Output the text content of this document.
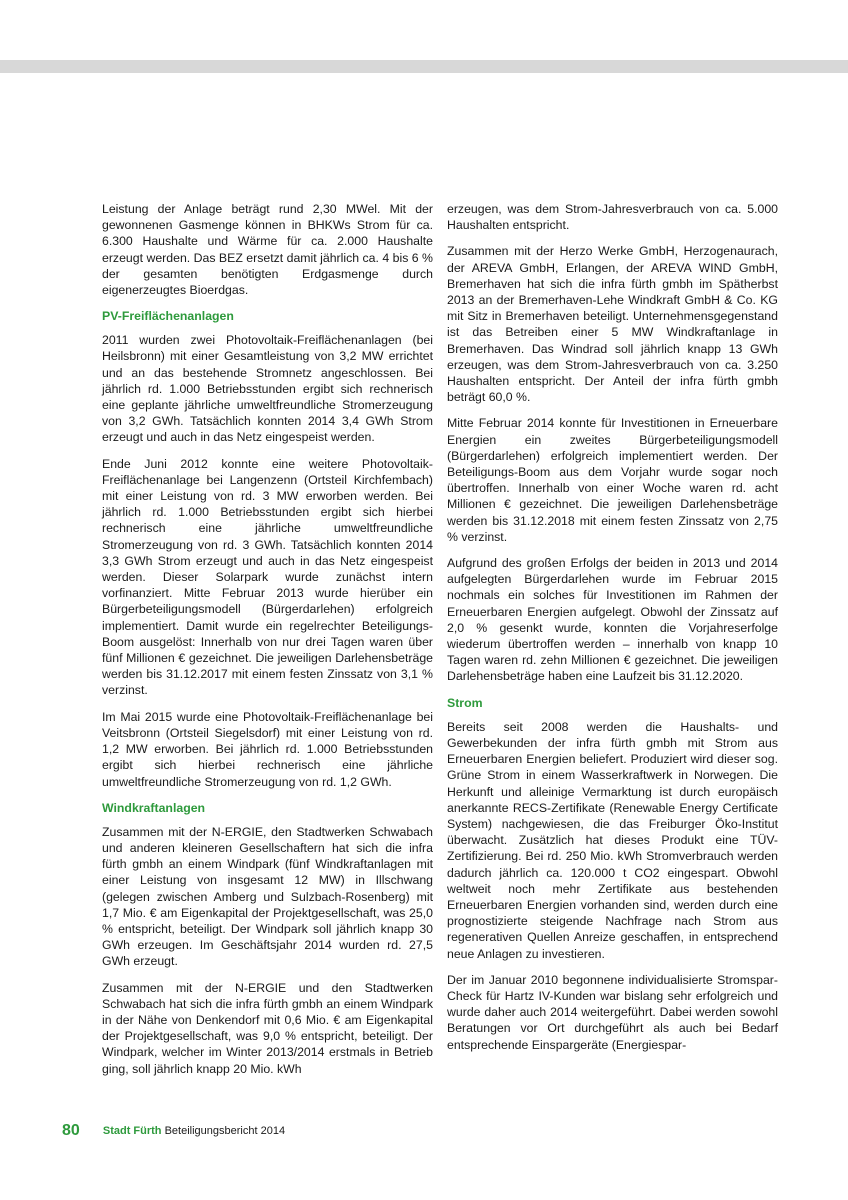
Leistung der Anlage beträgt rund 2,30 MWel. Mit der gewonnenen Gasmenge können in BHKWs Strom für ca. 6.300 Haushalte und Wärme für ca. 2.000 Haushalte erzeugt werden. Das BEZ ersetzt damit jährlich ca. 4 bis 6 % der gesamten benötigten Erdgasmenge durch eigenerzeugtes Bioerdgas.

PV-Freiflächenanlagen

2011 wurden zwei Photovoltaik-Freiflächenanlagen (bei Heilsbronn) mit einer Gesamtleistung von 3,2 MW errichtet und an das bestehende Stromnetz angeschlossen. Bei jährlich rd. 1.000 Betriebsstunden ergibt sich rechnerisch eine geplante jährliche umweltfreundliche Stromerzeugung von 3,2 GWh. Tatsächlich konnten 2014 3,4 GWh Strom erzeugt und auch in das Netz eingespeist werden.

Ende Juni 2012 konnte eine weitere Photovoltaik-Freiflächenanlage bei Langenzenn (Ortsteil Kirchfembach) mit einer Leistung von rd. 3 MW erworben werden. Bei jährlich rd. 1.000 Betriebsstunden ergibt sich hierbei rechnerisch eine jährliche umweltfreundliche Stromerzeugung von rd. 3 GWh. Tatsächlich konnten 2014 3,3 GWh Strom erzeugt und auch in das Netz eingespeist werden. Dieser Solarpark wurde zunächst intern vorfinanziert. Mitte Februar 2013 wurde hierüber ein Bürgerbeteiligungsmodell (Bürgerdarlehen) erfolgreich implementiert. Damit wurde ein regelrechter Beteiligungs-Boom ausgelöst: Innerhalb von nur drei Tagen waren über fünf Millionen € gezeichnet. Die jeweiligen Darlehensbeträge werden bis 31.12.2017 mit einem festen Zinssatz von 3,1 % verzinst.

Im Mai 2015 wurde eine Photovoltaik-Freiflächenanlage bei Veitsbronn (Ortsteil Siegelsdorf) mit einer Leistung von rd. 1,2 MW erworben. Bei jährlich rd. 1.000 Betriebsstunden ergibt sich hierbei rechnerisch eine jährliche umweltfreundliche Stromerzeugung von rd. 1,2 GWh.

Windkraftanlagen

Zusammen mit der N-ERGIE, den Stadtwerken Schwabach und anderen kleineren Gesellschaftern hat sich die infra fürth gmbh an einem Windpark (fünf Windkraftanlagen mit einer Leistung von insgesamt 12 MW) in Illschwang (gelegen zwischen Amberg und Sulzbach-Rosenberg) mit 1,7 Mio. € am Eigenkapital der Projektgesellschaft, was 25,0 % entspricht, beteiligt. Der Windpark soll jährlich knapp 30 GWh erzeugen. Im Geschäftsjahr 2014 wurden rd. 27,5 GWh erzeugt.

Zusammen mit der N-ERGIE und den Stadtwerken Schwabach hat sich die infra fürth gmbh an einem Windpark in der Nähe von Denkendorf mit 0,6 Mio. € am Eigenkapital der Projektgesellschaft, was 9,0 % entspricht, beteiligt. Der Windpark, welcher im Winter 2013/2014 erstmals in Betrieb ging, soll jährlich knapp 20 Mio. kWh

erzeugen, was dem Strom-Jahresverbrauch von ca. 5.000 Haushalten entspricht.

Zusammen mit der Herzo Werke GmbH, Herzogenaurach, der AREVA GmbH, Erlangen, der AREVA WIND GmbH, Bremerhaven hat sich die infra fürth gmbh im Spätherbst 2013 an der Bremerhaven-Lehe Windkraft GmbH & Co. KG mit Sitz in Bremerhaven beteiligt. Unternehmensgegenstand ist das Betreiben einer 5 MW Windkraftanlage in Bremerhaven. Das Windrad soll jährlich knapp 13 GWh erzeugen, was dem Strom-Jahresverbrauch von ca. 3.250 Haushalten entspricht. Der Anteil der infra fürth gmbh beträgt 60,0 %.

Mitte Februar 2014 konnte für Investitionen in Erneuerbare Energien ein zweites Bürgerbeteiligungsmodell (Bürgerdarlehen) erfolgreich implementiert werden. Der Beteiligungs-Boom aus dem Vorjahr wurde sogar noch übertroffen. Innerhalb von einer Woche waren rd. acht Millionen € gezeichnet. Die jeweiligen Darlehensbeträge werden bis 31.12.2018 mit einem festen Zinssatz von 2,75 % verzinst.

Aufgrund des großen Erfolgs der beiden in 2013 und 2014 aufgelegten Bürgerdarlehen wurde im Februar 2015 nochmals ein solches für Investitionen im Rahmen der Erneuerbaren Energien aufgelegt. Obwohl der Zinssatz auf 2,0 % gesenkt wurde, konnten die Vorjahreserfolge wiederum übertroffen werden – innerhalb von knapp 10 Tagen waren rd. zehn Millionen € gezeichnet. Die jeweiligen Darlehensbeträge haben eine Laufzeit bis 31.12.2020.

Strom

Bereits seit 2008 werden die Haushalts- und Gewerbekunden der infra fürth gmbh mit Strom aus Erneuerbaren Energien beliefert. Produziert wird dieser sog. Grüne Strom in einem Wasserkraftwerk in Norwegen. Die Herkunft und alleinige Vermarktung ist durch europäisch anerkannte RECS-Zertifikate (Renewable Energy Certificate System) nachgewiesen, die das Freiburger Öko-Institut überwacht. Zusätzlich hat dieses Produkt eine TÜV-Zertifizierung. Bei rd. 250 Mio. kWh Stromverbrauch werden dadurch jährlich ca. 120.000 t CO2 eingespart. Obwohl weltweit noch mehr Zertifikate aus bestehenden Erneuerbaren Energien vorhanden sind, werden durch eine prognostizierte steigende Nachfrage nach Strom aus regenerativen Quellen Anreize geschaffen, in entsprechend neue Anlagen zu investieren.

Der im Januar 2010 begonnene individualisierte Stromspar-Check für Hartz IV-Kunden war bislang sehr erfolgreich und wurde daher auch 2014 weitergeführt. Dabei werden sowohl Beratungen vor Ort durchgeführt als auch bei Bedarf entsprechende Einspargeräte (Energiespar-

80 Stadt Fürth Beteiligungsbericht 2014
